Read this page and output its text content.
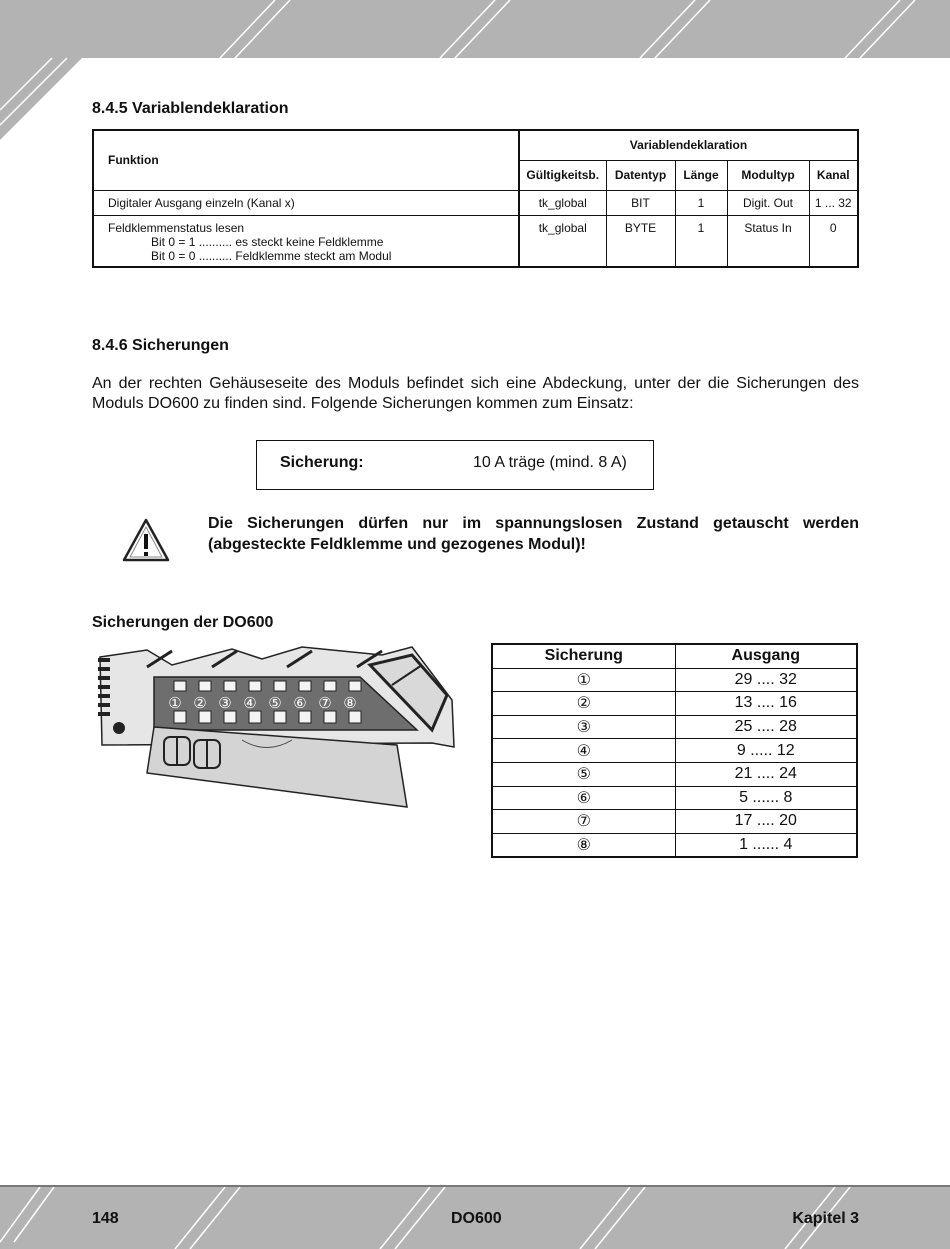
8.4.5 Variablendeklaration
Funktion	Variablendeklaration				
	Gültigkeitsb.	Datentyp	Länge	Modultyp	Kanal
Digitaler Ausgang einzeln (Kanal x)	tk_global	BIT	1	Digit. Out	1 ... 32

Feldklemmenstatus lesen
Bit 0 = 1 .......... es steckt keine Feldklemme
Bit 0 = 0 .......... Feldklemme steckt am Modul	tk_global	BYTE	1	Status In	0
8.4.6 Sicherungen

An der rechten Gehäuseseite des Moduls befindet sich eine Abdeckung, unter der die Sicherungen des Moduls DO600 zu finden sind. Folgende Sicherungen kommen zum Einsatz:

Sicherung:	10 A träge (mind. 8 A)

Die Sicherungen dürfen nur im spannungslosen Zustand getauscht werden (abgesteckte Feldklemme und gezogenes Modul)!

Sicherungen der DO600
① ② ③ ④ ⑤ ⑥ ⑦ ⑧
Sicherung	Ausgang
①	29 .... 32
②	13 .... 16
③	25 .... 28
④	9 ..... 12
⑤	21 .... 24
⑥	5 ...... 8
⑦	17 .... 20
⑧	1 ...... 4
148	DO600	Kapitel 3
